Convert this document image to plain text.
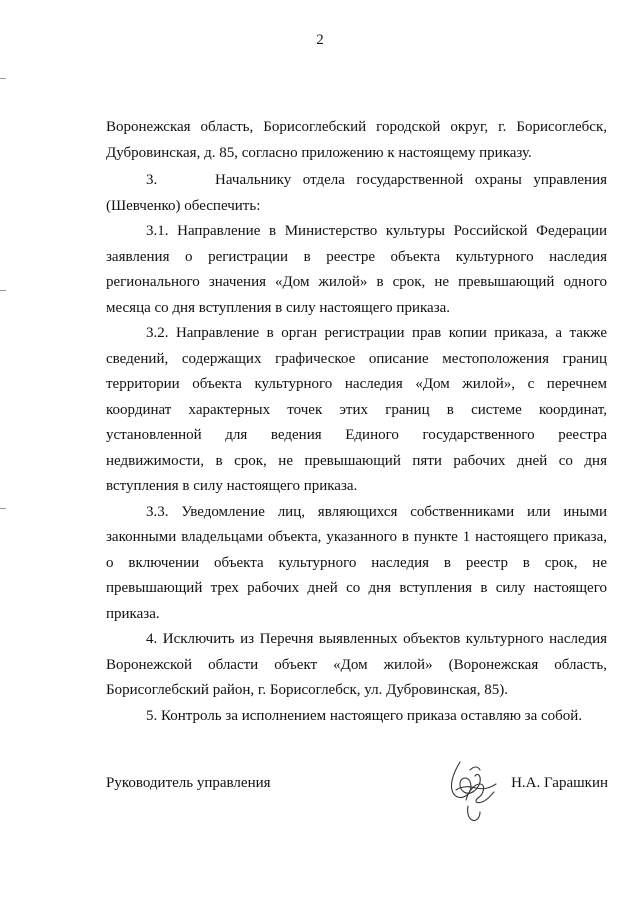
2

Воронежская область, Борисоглебский городской округ, г. Борисоглебск, Дубровинская, д. 85, согласно приложению к настоящему приказу.

3.     Начальнику отдела государственной охраны управления (Шевченко) обеспечить:

3.1. Направление в Министерство культуры Российской Федерации заявления о регистрации в реестре объекта культурного наследия регионального значения «Дом жилой» в срок, не превышающий одного месяца со дня вступления в силу настоящего приказа.

3.2. Направление в орган регистрации прав копии приказа, а также сведений, содержащих графическое описание местоположения границ территории объекта культурного наследия «Дом жилой», с перечнем координат характерных точек этих границ в системе координат, установленной для ведения Единого государственного реестра недвижимости, в срок, не превышающий пяти рабочих дней со дня вступления в силу настоящего приказа.

3.3. Уведомление лиц, являющихся собственниками или иными законными владельцами объекта, указанного в пункте 1 настоящего приказа, о включении объекта культурного наследия в реестр в срок, не превышающий трех рабочих дней со дня вступления в силу настоящего приказа.

4. Исключить из Перечня выявленных объектов культурного наследия Воронежской области объект «Дом жилой» (Воронежская область, Борисоглебский район, г. Борисоглебск, ул. Дубровинская, 85).

5. Контроль за исполнением настоящего приказа оставляю за собой.

Руководитель управления	Н.А. Гарашкин
